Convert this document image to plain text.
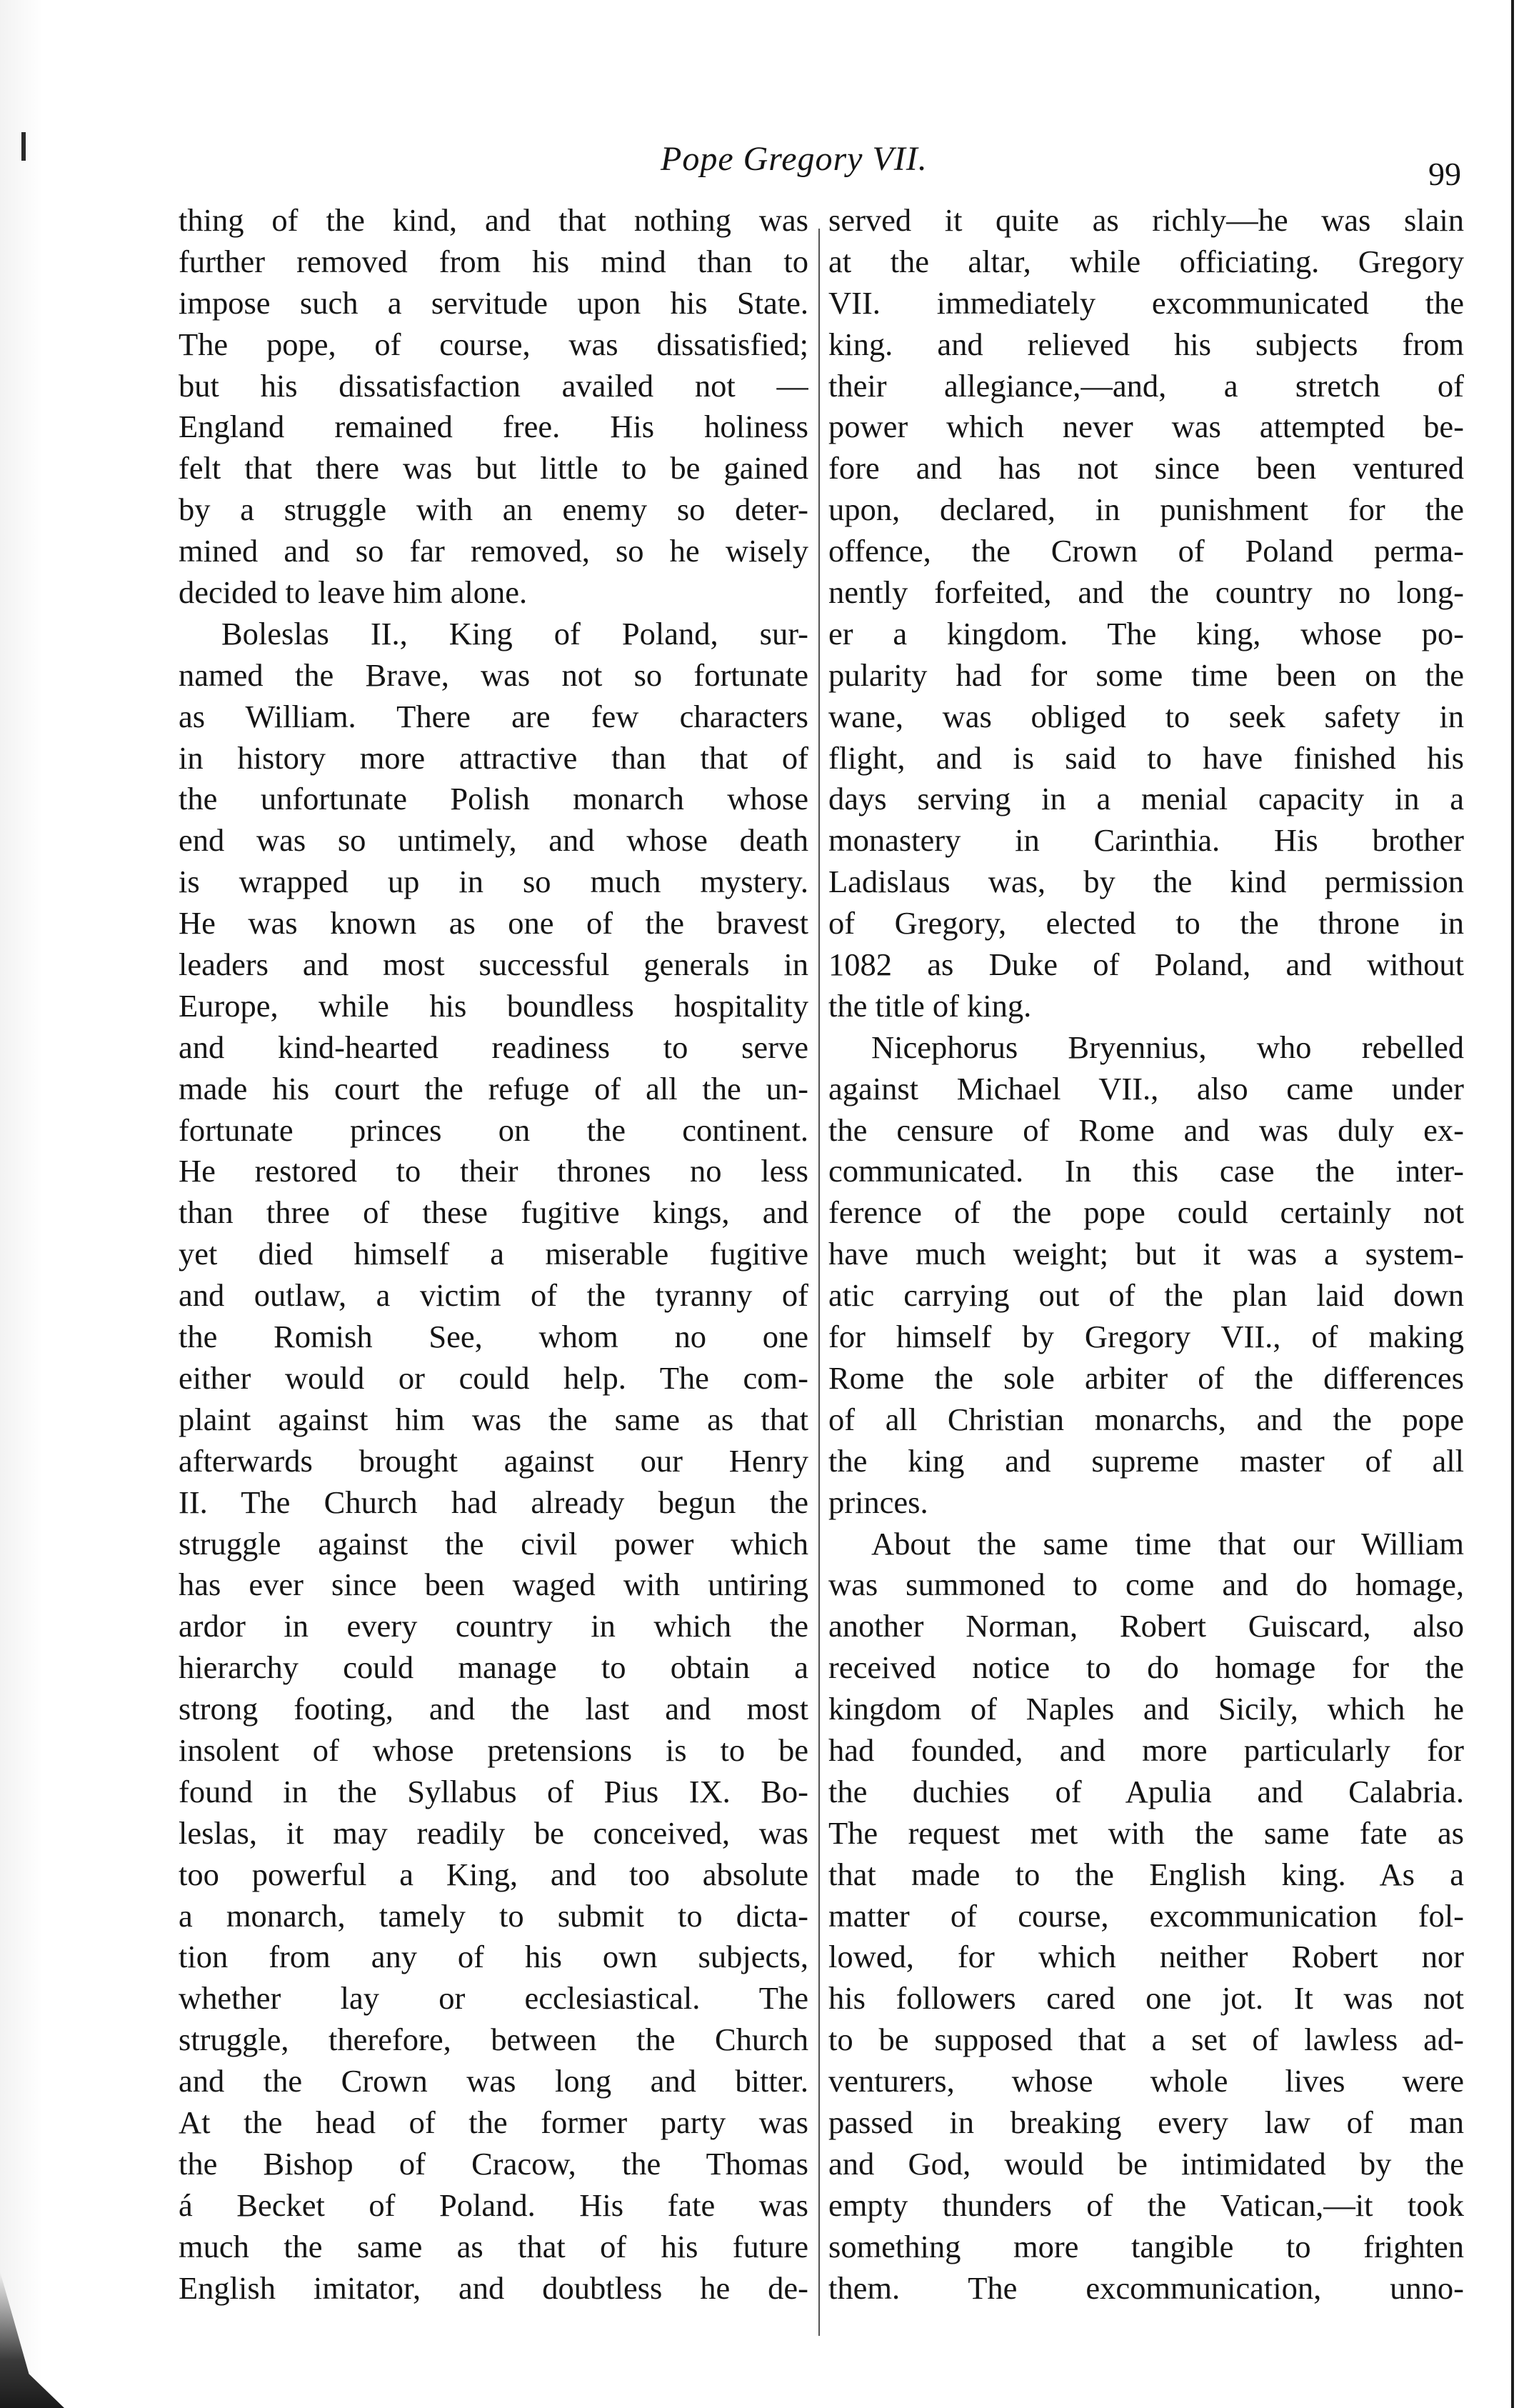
Pope Gregory VII.	99
thing of the kind, and that nothing was
further removed from his mind than to
impose such a servitude upon his State.
The pope, of course, was dissatisfied;
but his dissatisfaction availed not —
England remained free. His holiness
felt that there was but little to be gained
by a struggle with an enemy so deter-
mined and so far removed, so he wisely
decided to leave him alone.
Boleslas II., King of Poland, sur-
named the Brave, was not so fortunate
as William. There are few characters
in history more attractive than that of
the unfortunate Polish monarch whose
end was so untimely, and whose death
is wrapped up in so much mystery.
He was known as one of the bravest
leaders and most successful generals in
Europe, while his boundless hospitality
and kind-hearted readiness to serve
made his court the refuge of all the un-
fortunate princes on the continent.
He restored to their thrones no less
than three of these fugitive kings, and
yet died himself a miserable fugitive
and outlaw, a victim of the tyranny of
the Romish See, whom no one
either would or could help. The com-
plaint against him was the same as that
afterwards brought against our Henry
II. The Church had already begun the
struggle against the civil power which
has ever since been waged with untiring
ardor in every country in which the
hierarchy could manage to obtain a
strong footing, and the last and most
insolent of whose pretensions is to be
found in the Syllabus of Pius IX. Bo-
leslas, it may readily be conceived, was
too powerful a King, and too absolute
a monarch, tamely to submit to dicta-
tion from any of his own subjects,
whether lay or ecclesiastical. The
struggle, therefore, between the Church
and the Crown was long and bitter.
At the head of the former party was
the Bishop of Cracow, the Thomas
á Becket of Poland. His fate was
much the same as that of his future
English imitator, and doubtless he de-
served it quite as richly—he was slain
at the altar, while officiating. Gregory
VII. immediately excommunicated the
king. and relieved his subjects from
their allegiance,—and, a stretch of
power which never was attempted be-
fore and has not since been ventured
upon, declared, in punishment for the
offence, the Crown of Poland perma-
nently forfeited, and the country no long-
er a kingdom. The king, whose po-
pularity had for some time been on the
wane, was obliged to seek safety in
flight, and is said to have finished his
days serving in a menial capacity in a
monastery in Carinthia. His brother
Ladislaus was, by the kind permission
of Gregory, elected to the throne in
1082 as Duke of Poland, and without
the title of king.
Nicephorus Bryennius, who rebelled
against Michael VII., also came under
the censure of Rome and was duly ex-
communicated. In this case the inter-
ference of the pope could certainly not
have much weight; but it was a system-
atic carrying out of the plan laid down
for himself by Gregory VII., of making
Rome the sole arbiter of the differences
of all Christian monarchs, and the pope
the king and supreme master of all
princes.
About the same time that our William
was summoned to come and do homage,
another Norman, Robert Guiscard, also
received notice to do homage for the
kingdom of Naples and Sicily, which he
had founded, and more particularly for
the duchies of Apulia and Calabria.
The request met with the same fate as
that made to the English king. As a
matter of course, excommunication fol-
lowed, for which neither Robert nor
his followers cared one jot. It was not
to be supposed that a set of lawless ad-
venturers, whose whole lives were
passed in breaking every law of man
and God, would be intimidated by the
empty thunders of the Vatican,—it took
something more tangible to frighten
them. The excommunication, unno-
